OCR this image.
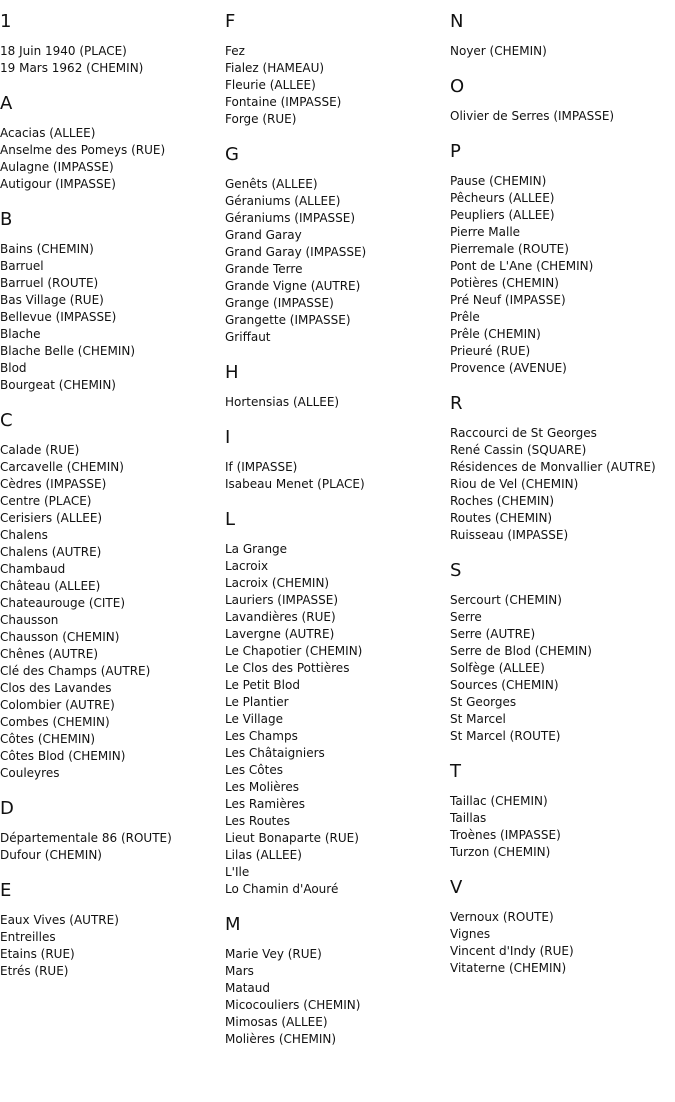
1
18 Juin 1940 (PLACE)
19 Mars 1962 (CHEMIN)
A
Acacias (ALLEE)
Anselme des Pomeys (RUE)
Aulagne (IMPASSE)
Autigour (IMPASSE)
B
Bains (CHEMIN)
Barruel
Barruel (ROUTE)
Bas Village (RUE)
Bellevue (IMPASSE)
Blache
Blache Belle (CHEMIN)
Blod
Bourgeat (CHEMIN)
C
Calade (RUE)
Carcavelle (CHEMIN)
Cèdres (IMPASSE)
Centre (PLACE)
Cerisiers (ALLEE)
Chalens
Chalens (AUTRE)
Chambaud
Château (ALLEE)
Chateaurouge (CITE)
Chausson
Chausson (CHEMIN)
Chênes (AUTRE)
Clé des Champs (AUTRE)
Clos des Lavandes
Colombier (AUTRE)
Combes (CHEMIN)
Côtes (CHEMIN)
Côtes Blod (CHEMIN)
Couleyres
D
Départementale 86 (ROUTE)
Dufour (CHEMIN)
E
Eaux Vives (AUTRE)
Entreilles
Etains (RUE)
Etrés (RUE)
F
Fez
Fialez (HAMEAU)
Fleurie (ALLEE)
Fontaine (IMPASSE)
Forge (RUE)
G
Genêts (ALLEE)
Géraniums (ALLEE)
Géraniums (IMPASSE)
Grand Garay
Grand Garay (IMPASSE)
Grande Terre
Grande Vigne (AUTRE)
Grange (IMPASSE)
Grangette (IMPASSE)
Griffaut
H
Hortensias (ALLEE)
I
If (IMPASSE)
Isabeau Menet (PLACE)
L
La Grange
Lacroix
Lacroix (CHEMIN)
Lauriers (IMPASSE)
Lavandières (RUE)
Lavergne (AUTRE)
Le Chapotier (CHEMIN)
Le Clos des Pottières
Le Petit Blod
Le Plantier
Le Village
Les Champs
Les Châtaigniers
Les Côtes
Les Molières
Les Ramières
Les Routes
Lieut Bonaparte (RUE)
Lilas (ALLEE)
L'Ile
Lo Chamin d'Aouré
M
Marie Vey (RUE)
Mars
Mataud
Micocouliers (CHEMIN)
Mimosas (ALLEE)
Molières (CHEMIN)
N
Noyer (CHEMIN)
O
Olivier de Serres (IMPASSE)
P
Pause (CHEMIN)
Pêcheurs (ALLEE)
Peupliers (ALLEE)
Pierre Malle
Pierremale (ROUTE)
Pont de L'Ane (CHEMIN)
Potières (CHEMIN)
Pré Neuf (IMPASSE)
Prêle
Prêle (CHEMIN)
Prieuré (RUE)
Provence (AVENUE)
R
Raccourci de St Georges
René Cassin (SQUARE)
Résidences de Monvallier (AUTRE)
Riou de Vel (CHEMIN)
Roches (CHEMIN)
Routes (CHEMIN)
Ruisseau (IMPASSE)
S
Sercourt (CHEMIN)
Serre
Serre (AUTRE)
Serre de Blod (CHEMIN)
Solfège (ALLEE)
Sources (CHEMIN)
St Georges
St Marcel
St Marcel (ROUTE)
T
Taillac (CHEMIN)
Taillas
Troènes (IMPASSE)
Turzon (CHEMIN)
V
Vernoux (ROUTE)
Vignes
Vincent d'Indy (RUE)
Vitaterne (CHEMIN)
